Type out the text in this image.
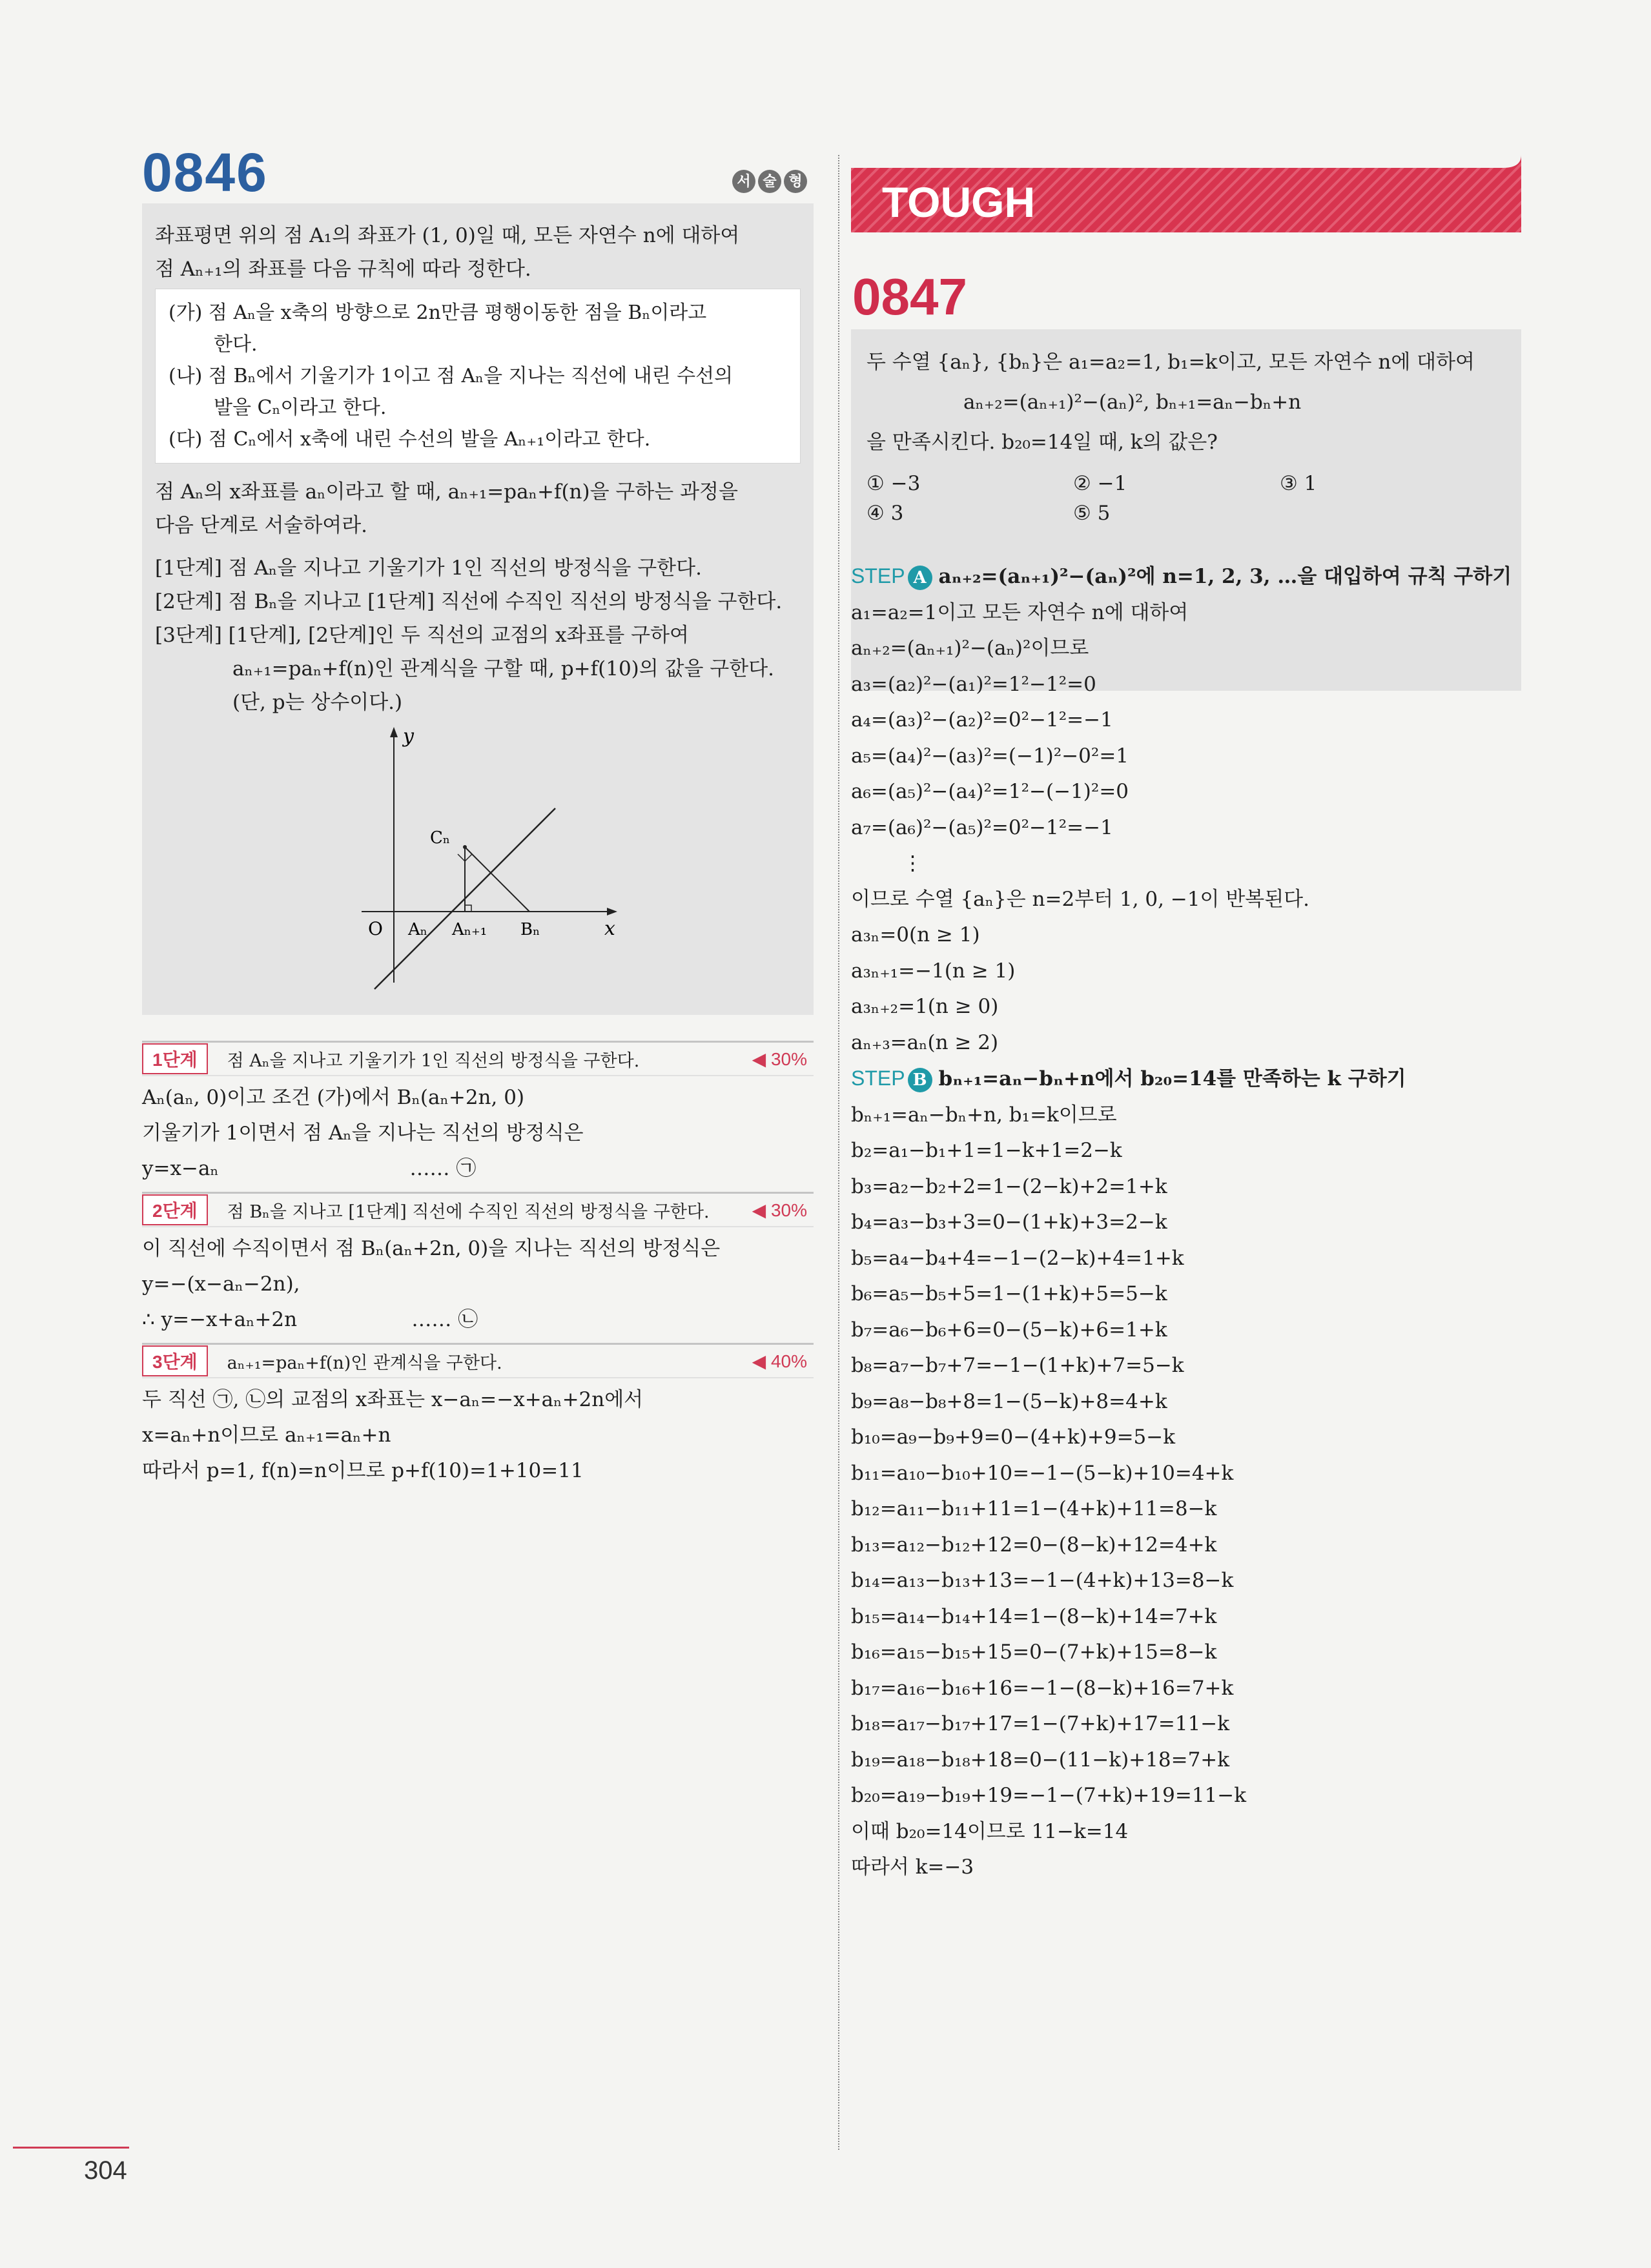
0846	서 술 형
좌표평면 위의 점 A₁의 좌표가 (1, 0)일 때, 모든 자연수 n에 대하여
점 Aₙ₊₁의 좌표를 다음 규칙에 따라 정한다.
(가) 점 Aₙ을 x축의 방향으로 2n만큼 평행이동한 점을 Bₙ이라고
한다.
(나) 점 Bₙ에서 기울기가 1이고 점 Aₙ을 지나는 직선에 내린 수선의
발을 Cₙ이라고 한다.
(다) 점 Cₙ에서 x축에 내린 수선의 발을 Aₙ₊₁이라고 한다.
점 Aₙ의 x좌표를 aₙ이라고 할 때, aₙ₊₁=paₙ+f(n)을 구하는 과정을
다음 단계로 서술하여라.
[1단계] 점 Aₙ을 지나고 기울기가 1인 직선의 방정식을 구한다.
[2단계] 점 Bₙ을 지나고 [1단계] 직선에 수직인 직선의 방정식을 구한다.
[3단계] [1단계], [2단계]인 두 직선의 교점의 x좌표를 구하여
aₙ₊₁=paₙ+f(n)인 관계식을 구할 때, p+f(10)의 값을 구한다.
(단, p는 상수이다.)
y
x
O
Cₙ
Aₙ Aₙ₊₁ Bₙ
1단계	점 Aₙ을 지나고 기울기가 1인 직선의 방정식을 구한다.	◀ 30%
Aₙ(aₙ, 0)이고 조건 (가)에서 Bₙ(aₙ+2n, 0)
기울기가 1이면서 점 Aₙ을 지나는 직선의 방정식은
y=x−aₙ                              …… ㉠
2단계	점 Bₙ을 지나고 [1단계] 직선에 수직인 직선의 방정식을 구한다.	◀ 30%
이 직선에 수직이면서 점 Bₙ(aₙ+2n, 0)을 지나는 직선의 방정식은
y=−(x−aₙ−2n),
∴ y=−x+aₙ+2n                  …… ㉡
3단계	aₙ₊₁=paₙ+f(n)인 관계식을 구한다.	◀ 40%
두 직선 ㉠, ㉡의 교점의 x좌표는 x−aₙ=−x+aₙ+2n에서
x=aₙ+n이므로 aₙ₊₁=aₙ+n
따라서 p=1, f(n)=n이므로 p+f(10)=1+10=11
TOUGH
0847
두 수열 {aₙ}, {bₙ}은 a₁=a₂=1, b₁=k이고, 모든 자연수 n에 대하여
aₙ₊₂=(aₙ₊₁)²−(aₙ)², bₙ₊₁=aₙ−bₙ+n
을 만족시킨다. b₂₀=14일 때, k의 값은?
① −3	② −1	③ 1
④ 3	⑤ 5
STEP A aₙ₊₂=(aₙ₊₁)²−(aₙ)²에 n=1, 2, 3, …을 대입하여 규칙 구하기
a₁=a₂=1이고 모든 자연수 n에 대하여
aₙ₊₂=(aₙ₊₁)²−(aₙ)²이므로
a₃=(a₂)²−(a₁)²=1²−1²=0
a₄=(a₃)²−(a₂)²=0²−1²=−1
a₅=(a₄)²−(a₃)²=(−1)²−0²=1
a₆=(a₅)²−(a₄)²=1²−(−1)²=0
a₇=(a₆)²−(a₅)²=0²−1²=−1
⋮
이므로 수열 {aₙ}은 n=2부터 1, 0, −1이 반복된다.
a₃ₙ=0(n ≥ 1)
a₃ₙ₊₁=−1(n ≥ 1)
a₃ₙ₊₂=1(n ≥ 0)
aₙ₊₃=aₙ(n ≥ 2)
STEP B bₙ₊₁=aₙ−bₙ+n에서 b₂₀=14를 만족하는 k 구하기
bₙ₊₁=aₙ−bₙ+n, b₁=k이므로
b₂=a₁−b₁+1=1−k+1=2−k
b₃=a₂−b₂+2=1−(2−k)+2=1+k
b₄=a₃−b₃+3=0−(1+k)+3=2−k
b₅=a₄−b₄+4=−1−(2−k)+4=1+k
b₆=a₅−b₅+5=1−(1+k)+5=5−k
b₇=a₆−b₆+6=0−(5−k)+6=1+k
b₈=a₇−b₇+7=−1−(1+k)+7=5−k
b₉=a₈−b₈+8=1−(5−k)+8=4+k
b₁₀=a₉−b₉+9=0−(4+k)+9=5−k
b₁₁=a₁₀−b₁₀+10=−1−(5−k)+10=4+k
b₁₂=a₁₁−b₁₁+11=1−(4+k)+11=8−k
b₁₃=a₁₂−b₁₂+12=0−(8−k)+12=4+k
b₁₄=a₁₃−b₁₃+13=−1−(4+k)+13=8−k
b₁₅=a₁₄−b₁₄+14=1−(8−k)+14=7+k
b₁₆=a₁₅−b₁₅+15=0−(7+k)+15=8−k
b₁₇=a₁₆−b₁₆+16=−1−(8−k)+16=7+k
b₁₈=a₁₇−b₁₇+17=1−(7+k)+17=11−k
b₁₉=a₁₈−b₁₈+18=0−(11−k)+18=7+k
b₂₀=a₁₉−b₁₉+19=−1−(7+k)+19=11−k
이때 b₂₀=14이므로 11−k=14
따라서 k=−3
304
